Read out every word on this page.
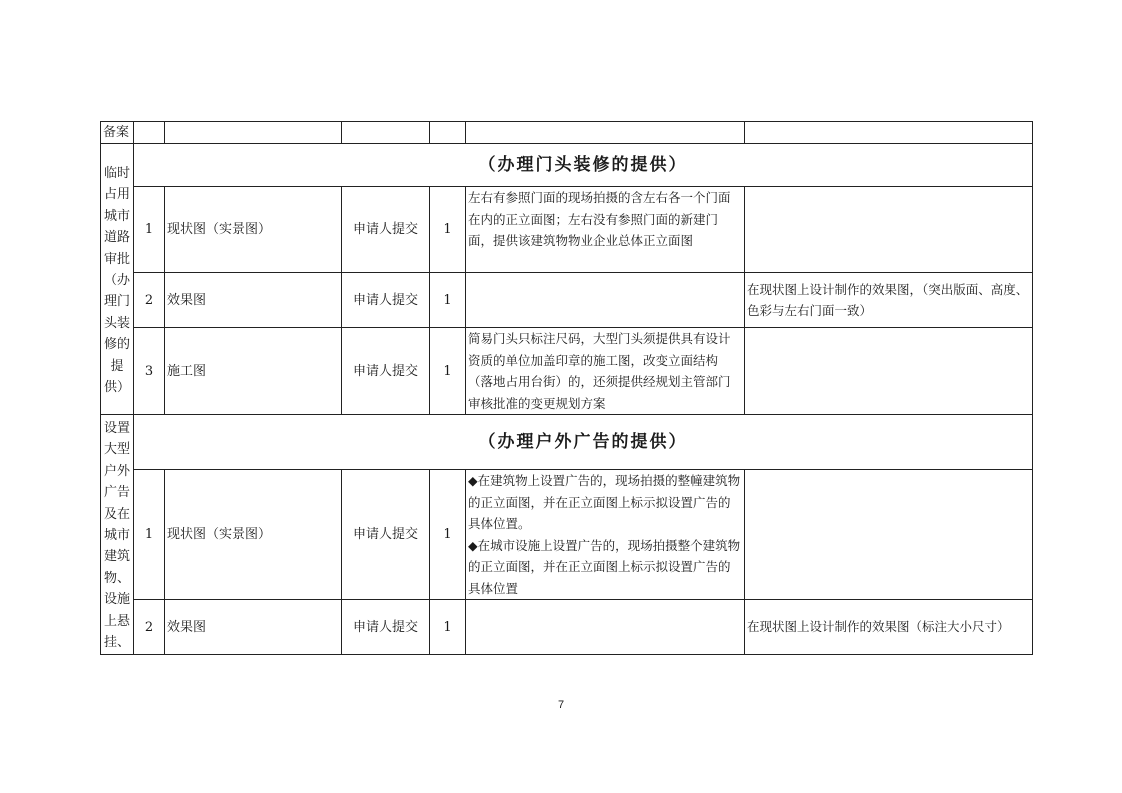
备案						

临时占用城市道路审批（办理门头装修的提供）	（办理门头装修的提供）					
	1	现状图（实景图）	申请人提交	1	左右有参照门面的现场拍摄的含左右各一个门面在内的正立面图；左右没有参照门面的新建门面，提供该建筑物物业企业总体正立面图	
	2	效果图	申请人提交	1		在现状图上设计制作的效果图，（突出版面、高度、色彩与左右门面一致）
	3	施工图	申请人提交	1	简易门头只标注尺码，大型门头须提供具有设计资质的单位加盖印章的施工图，改变立面结构（落地占用台街）的，还须提供经规划主管部门审核批准的变更规划方案	

设置大型户外广告及在城市建筑物、设施上悬挂、	（办理户外广告的提供）					
	1	现状图（实景图）	申请人提交	1	◆在建筑物上设置广告的，现场拍摄的整幢建筑物的正立面图，并在正立面图上标示拟设置广告的具体位置。
◆在城市设施上设置广告的，现场拍摄整个建筑物的正立面图，并在正立面图上标示拟设置广告的具体位置	

	2	效果图	申请人提交	1		在现状图上设计制作的效果图（标注大小尺寸）
7
